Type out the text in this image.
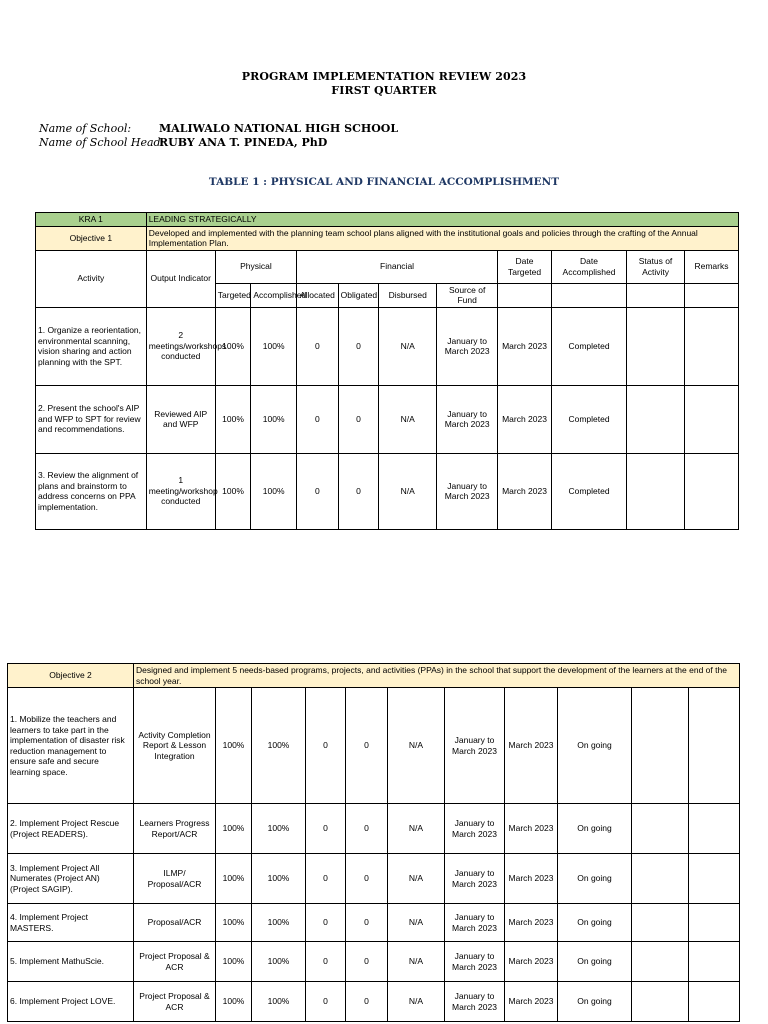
PROGRAM IMPLEMENTATION REVIEW 2023
FIRST QUARTER
Name of School:	MALIWALO NATIONAL HIGH SCHOOL
Name of School Head:
RUBY ANA T. PINEDA, PhD
TABLE 1 : PHYSICAL AND FINANCIAL ACCOMPLISHMENT
KRA 1	LEADING STRATEGICALLY										
Objective 1	Developed and implemented with the planning team school plans aligned with the institutional goals and policies through the crafting of the Annual Implementation Plan.										
Activity	Output Indicator	Physical		Financial				Date Targeted	Date Accomplished	Status of Activity	Remarks
		Targeted	Accomplished	Allocated	Obligated	Disbursed	Source of Fund				
1. Organize a reorientation, environmental scanning, vision sharing and action planning with the SPT.	2 meetings/workshops conducted	100%	100%	0	0	N/A	January to March 2023	March 2023	Completed		
2. Present the school's AIP and WFP to SPT for review and recommendations.	Reviewed AIP and WFP	100%	100%	0	0	N/A	January to March 2023	March 2023	Completed		
3. Review the alignment of plans and brainstorm to address concerns on PPA implementation.	1 meeting/workshop conducted	100%	100%	0	0	N/A	January to March 2023	March 2023	Completed		
Objective 2	Designed and implement 5 needs-based programs, projects, and activities (PPAs) in the school that support the development of the learners at the end of the school year.										
1. Mobilize the teachers and learners to take part in the implementation of disaster risk reduction management to ensure safe and secure learning space.	Activity Completion Report & Lesson Integration	100%	100%	0	0	N/A	January to March 2023	March 2023	On going		
2. Implement Project Rescue (Project READERS).	Learners Progress Report/ACR	100%	100%	0	0	N/A	January to March 2023	March 2023	On going		
3. Implement Project All Numerates (Project AN) (Project SAGIP).	ILMP/ Proposal/ACR	100%	100%	0	0	N/A	January to March 2023	March 2023	On going		
4. Implement Project MASTERS.	Proposal/ACR	100%	100%	0	0	N/A	January to March 2023	March 2023	On going		
5. Implement MathuScie.	Project Proposal & ACR	100%	100%	0	0	N/A	January to March 2023	March 2023	On going		
6. Implement Project LOVE.	Project Proposal & ACR	100%	100%	0	0	N/A	January to March 2023	March 2023	On going		
